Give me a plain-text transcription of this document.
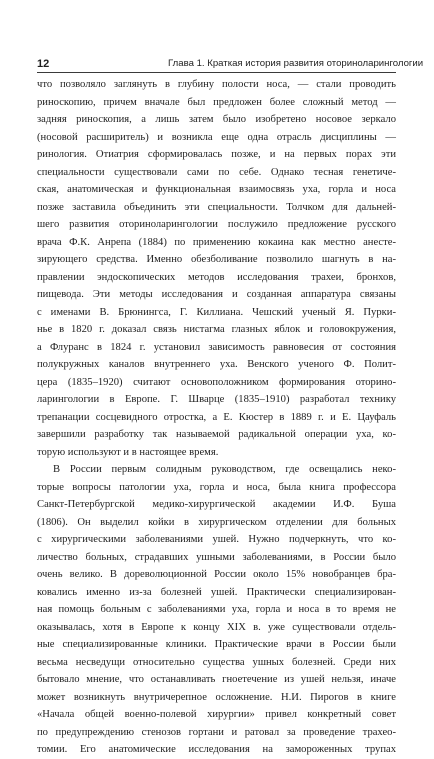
12	Глава 1. Краткая история развития оториноларингологии
что позволяло заглянуть в глубину полости носа, — стали проводить
риноскопию, причем вначале был предложен более сложный метод —
задняя риноскопия, а лишь затем было изобретено носовое зеркало
(носовой расширитель) и возникла еще одна отрасль дисциплины —
ринология. Отиатрия сформировалась позже, и на первых порах эти
специальности существовали сами по себе. Однако тесная генетиче-
ская, анатомическая и функциональная взаимосвязь уха, горла и носа
позже заставила объединить эти специальности. Толчком для дальней-
шего развития оториноларингологии послужило предложение русского
врача Ф.К. Анрепа (1884) по применению кокаина как местно анесте-
зирующего средства. Именно обезболивание позволило шагнуть в на-
правлении эндоскопических методов исследования трахеи, бронхов,
пищевода. Эти методы исследования и созданная аппаратура связаны
с именами В. Брюнингса, Г. Киллиана. Чешский ученый Я. Пурки-
нье в 1820 г. доказал связь нистагма глазных яблок и головокружения,
а Флуранс в 1824 г. установил зависимость равновесия от состояния
полукружных каналов внутреннего уха. Венского ученого Ф. Полит-
цера (1835–1920) считают основоположником формирования оторино-
ларингологии в Европе. Г. Шварце (1835–1910) разработал технику
трепанации сосцевидного отростка, а Е. Кюстер в 1889 г. и Е. Цауфаль
завершили разработку так называемой радикальной операции уха, ко-
торую используют и в настоящее время.
В России первым солидным руководством, где освещались неко-
торые вопросы патологии уха, горла и носа, была книга профессора
Санкт-Петербургской медико-хирургической академии И.Ф. Буша
(1806). Он выделил койки в хирургическом отделении для больных
с хирургическими заболеваниями ушей. Нужно подчеркнуть, что ко-
личество больных, страдавших ушными заболеваниями, в России было
очень велико. В дореволюционной России около 15% новобранцев бра-
ковались именно из-за болезней ушей. Практически специализирован-
ная помощь больным с заболеваниями уха, горла и носа в то время не
оказывалась, хотя в Европе к концу XIX в. уже существовали отдель-
ные специализированные клиники. Практические врачи в России были
весьма несведущи относительно существа ушных болезней. Среди них
бытовало мнение, что останавливать гноетечение из ушей нельзя, иначе
может возникнуть внутричерепное осложнение. Н.И. Пирогов в книге
«Начала общей военно-полевой хирургии» привел конкретный совет
по предупреждению стенозов гортани и ратовал за проведение трахео-
томии. Его анатомические исследования на замороженных трупах
